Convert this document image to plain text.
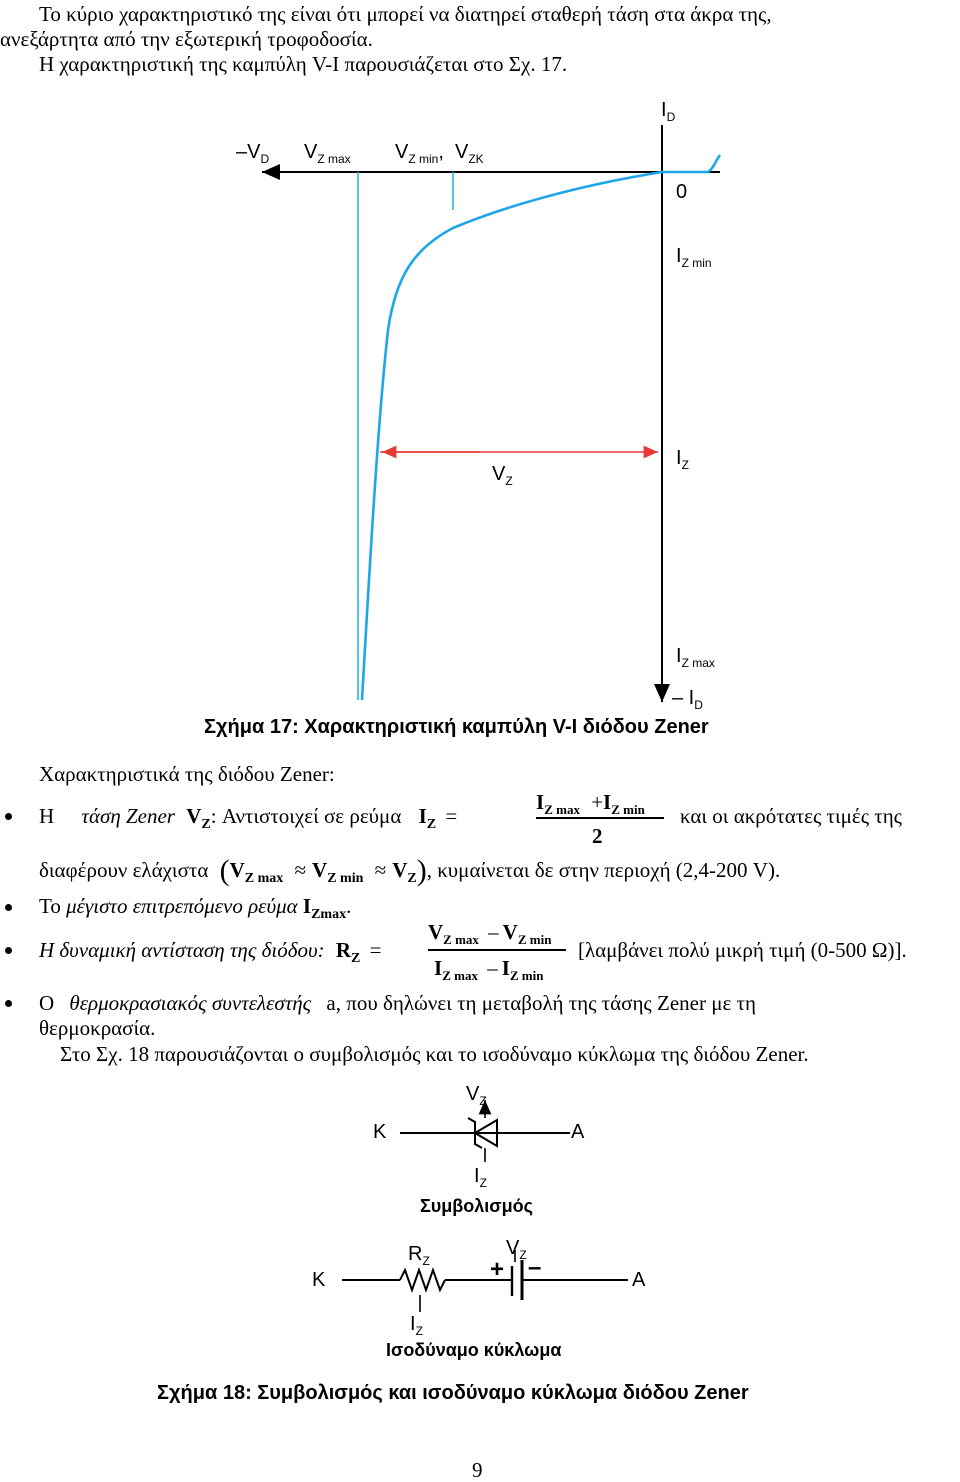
Το κύριο χαρακτηριστικό της είναι ότι μπορεί να διατηρεί σταθερή τάση στα άκρα της,
ανεξάρτητα από την εξωτερική τροφοδοσία.
Η χαρακτηριστική της καμπύλη V-I παρουσιάζεται στο Σχ. 17.
$I_D$
$-V_D$ $V_{Z max}$ $V_{Z min}$, $V_{ZK}$
0
$I_{Z min}$
$I_Z$
$V_Z$
$I_{Z max}$
– $I_D$
Σχήμα 17: Χαρακτηριστική καμπύλη V-I διόδου Zener
Χαρακτηριστικά της διόδου Zener:
Η τάση Zener $V_Z$: Αντιστοιχεί σε ρεύμα $I_Z$ =
$I_{Z max} +I_{Z min}$
2
και οι ακρότατες τιμές της
διαφέρουν ελάχιστα $(V_{Z max} \approx V_{Z min} \approx V_Z)$, κυμαίνεται δε στην περιοχή (2,4-200 V).
Το μέγιστο επιτρεπόμενο ρεύμα $I_{Zmax}$.
Η δυναμική αντίσταση της διόδου: $R_Z$ =
$V_{Z max} - V_{Z min}$
$I_{Z max} - I_{Z min}$
[λαμβάνει πολύ μικρή τιμή (0-500 Ω)].
Ο θερμοκρασιακός συντελεστής a, που δηλώνει τη μεταβολή της τάσης Zener με τη
θερμοκρασία.
Στο Σχ. 18 παρουσιάζονται ο συμβολισμός και το ισοδύναμο κύκλωμα της διόδου Zener.
K	A
$V_Z$
$I_Z$
Συμβολισμός
K	A
$R_Z$
$V_Z$
+ –
$I_Z$
Ισοδύναμο κύκλωμα
Σχήμα 18: Συμβολισμός και ισοδύναμο κύκλωμα διόδου Zener
9
